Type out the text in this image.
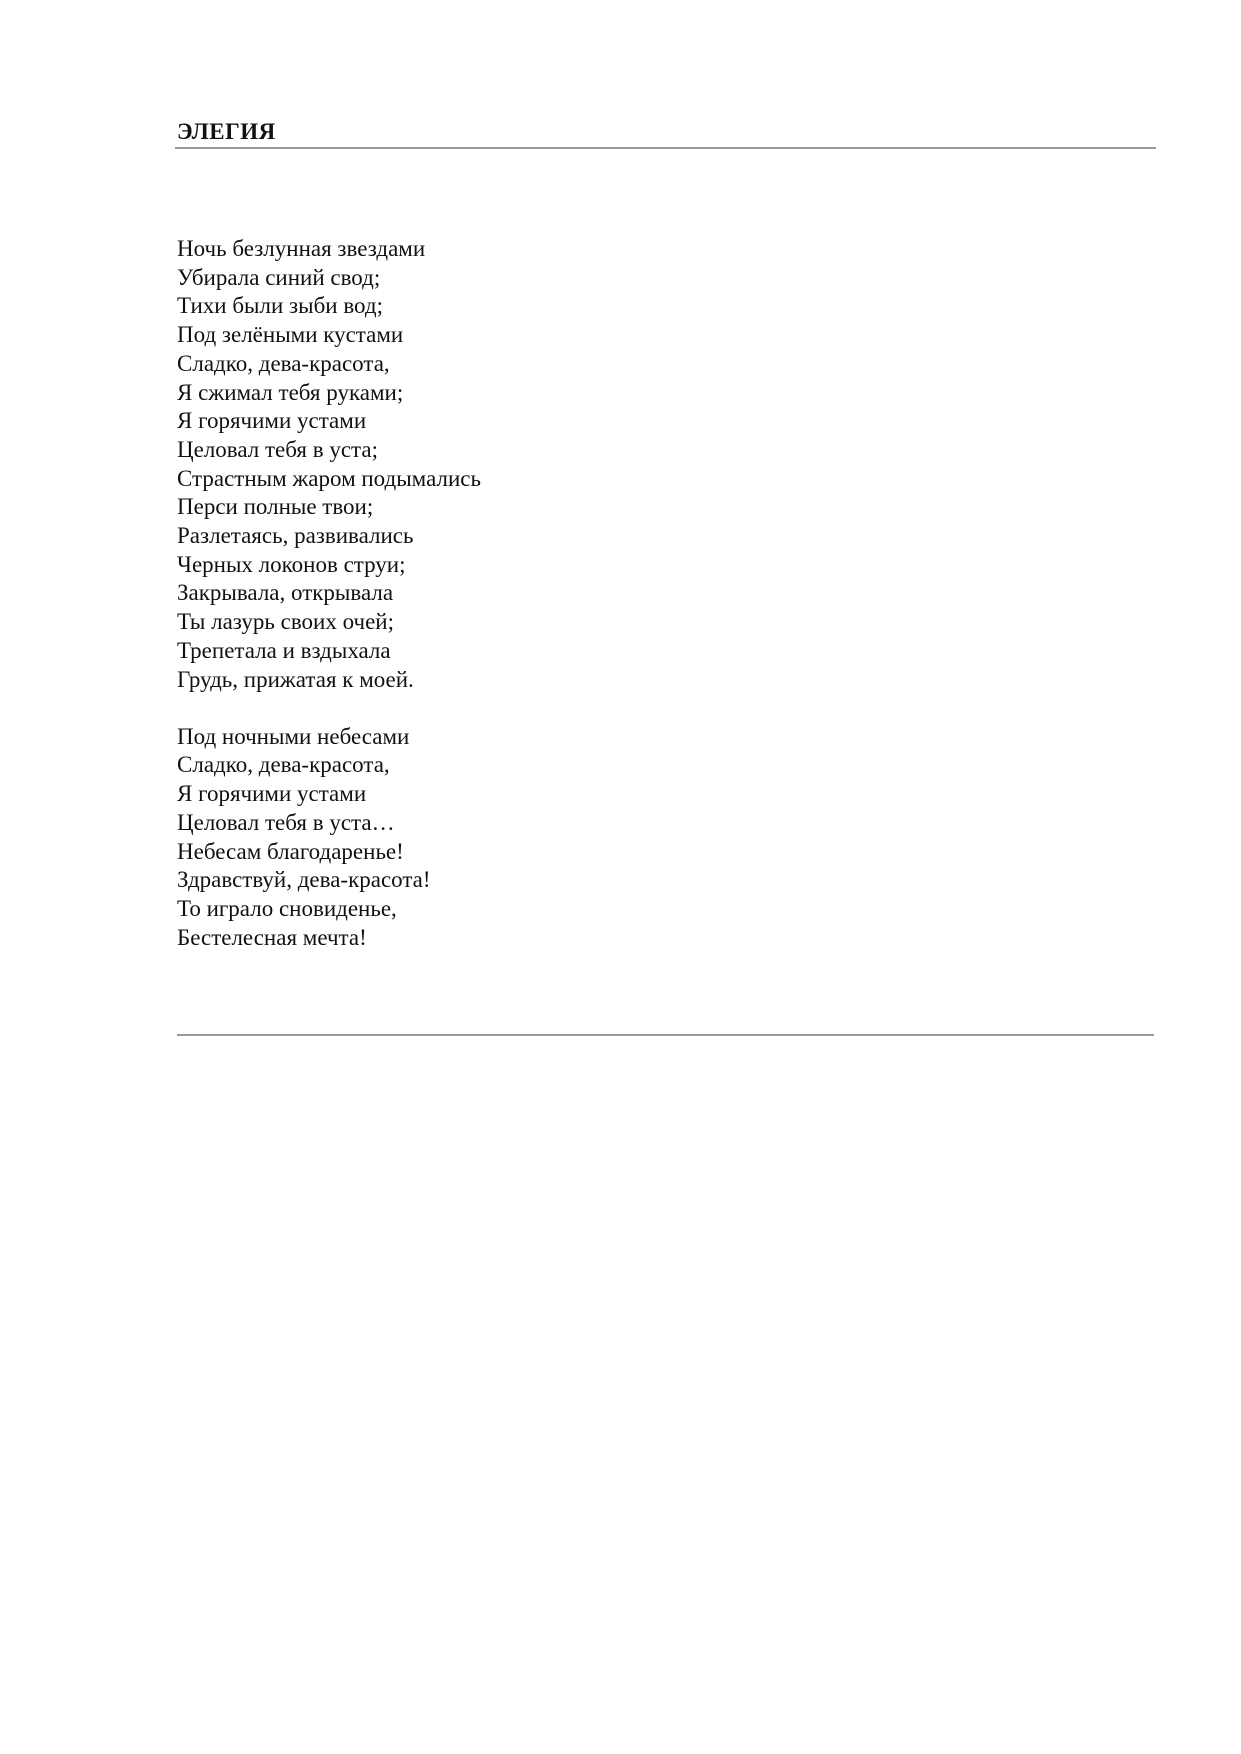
ЭЛЕГИЯ
Ночь безлунная звездами
Убирала синий свод;
Тихи были зыби вод;
Под зелёными кустами
Сладко, дева-красота,
Я сжимал тебя руками;
Я горячими устами
Целовал тебя в уста;
Страстным жаром подымались
Перси полные твои;
Разлетаясь, развивались
Черных локонов струи;
Закрывала, открывала
Ты лазурь своих очей;
Трепетала и вздыхала
Грудь, прижатая к моей.
Под ночными небесами
Сладко, дева-красота,
Я горячими устами
Целовал тебя в уста…
Небесам благодаренье!
Здравствуй, дева-красота!
То играло сновиденье,
Бестелесная мечта!
